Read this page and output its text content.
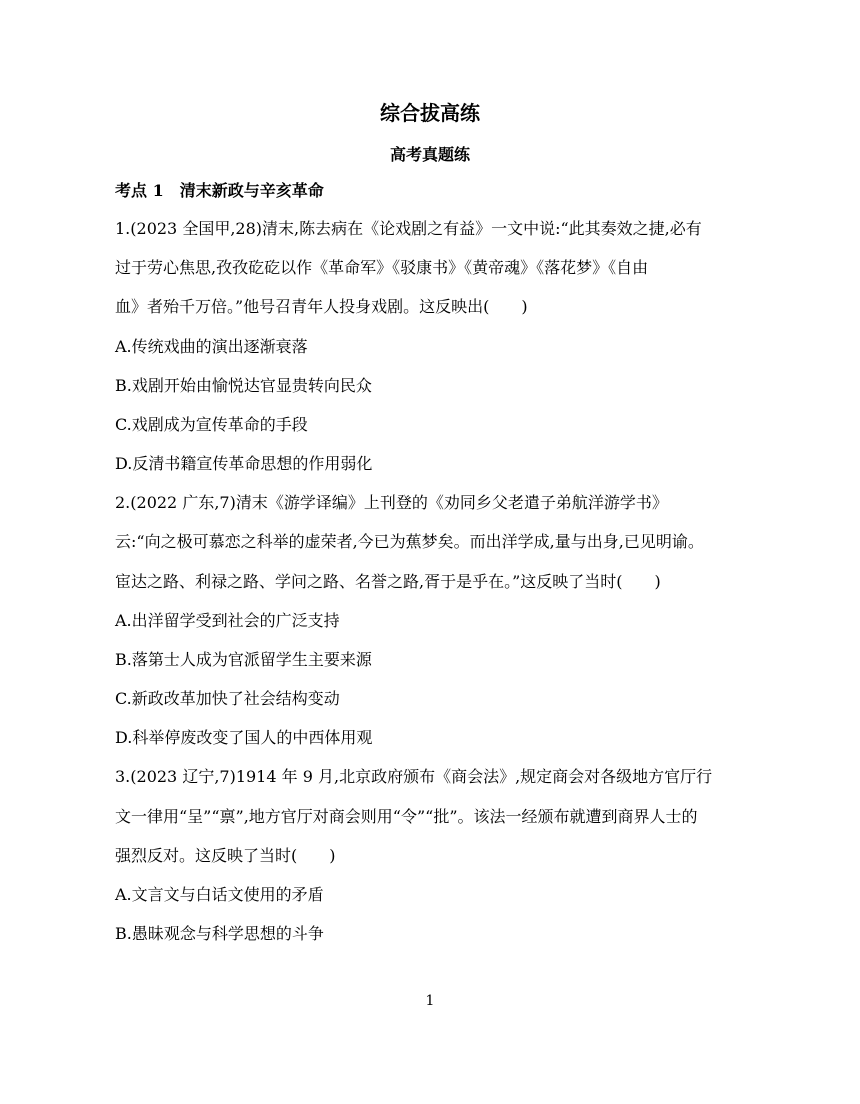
综合拔高练
高考真题练
考点 1　清末新政与辛亥革命
1.(2023 全国甲,28)清末,陈去病在《论戏剧之有益》一文中说:“此其奏效之捷,必有
过于劳心焦思,孜孜矻矻以作《革命军》《驳康书》《黄帝魂》《落花梦》《自由
血》者殆千万倍。”他号召青年人投身戏剧。这反映出(　　)
A.传统戏曲的演出逐渐衰落
B.戏剧开始由愉悦达官显贵转向民众
C.戏剧成为宣传革命的手段
D.反清书籍宣传革命思想的作用弱化
2.(2022 广东,7)清末《游学译编》上刊登的《劝同乡父老遣子弟航洋游学书》
云:“向之极可慕恋之科举的虚荣者,今已为蕉梦矣。而出洋学成,量与出身,已见明谕。
宦达之路、利禄之路、学问之路、名誉之路,胥于是乎在。”这反映了当时(　　)
A.出洋留学受到社会的广泛支持
B.落第士人成为官派留学生主要来源
C.新政改革加快了社会结构变动
D.科举停废改变了国人的中西体用观
3.(2023 辽宁,7)1914 年 9 月,北京政府颁布《商会法》,规定商会对各级地方官厅行
文一律用“呈”“禀”,地方官厅对商会则用“令”“批”。该法一经颁布就遭到商界人士的
强烈反对。这反映了当时(　　)
A.文言文与白话文使用的矛盾
B.愚昧观念与科学思想的斗争
1
